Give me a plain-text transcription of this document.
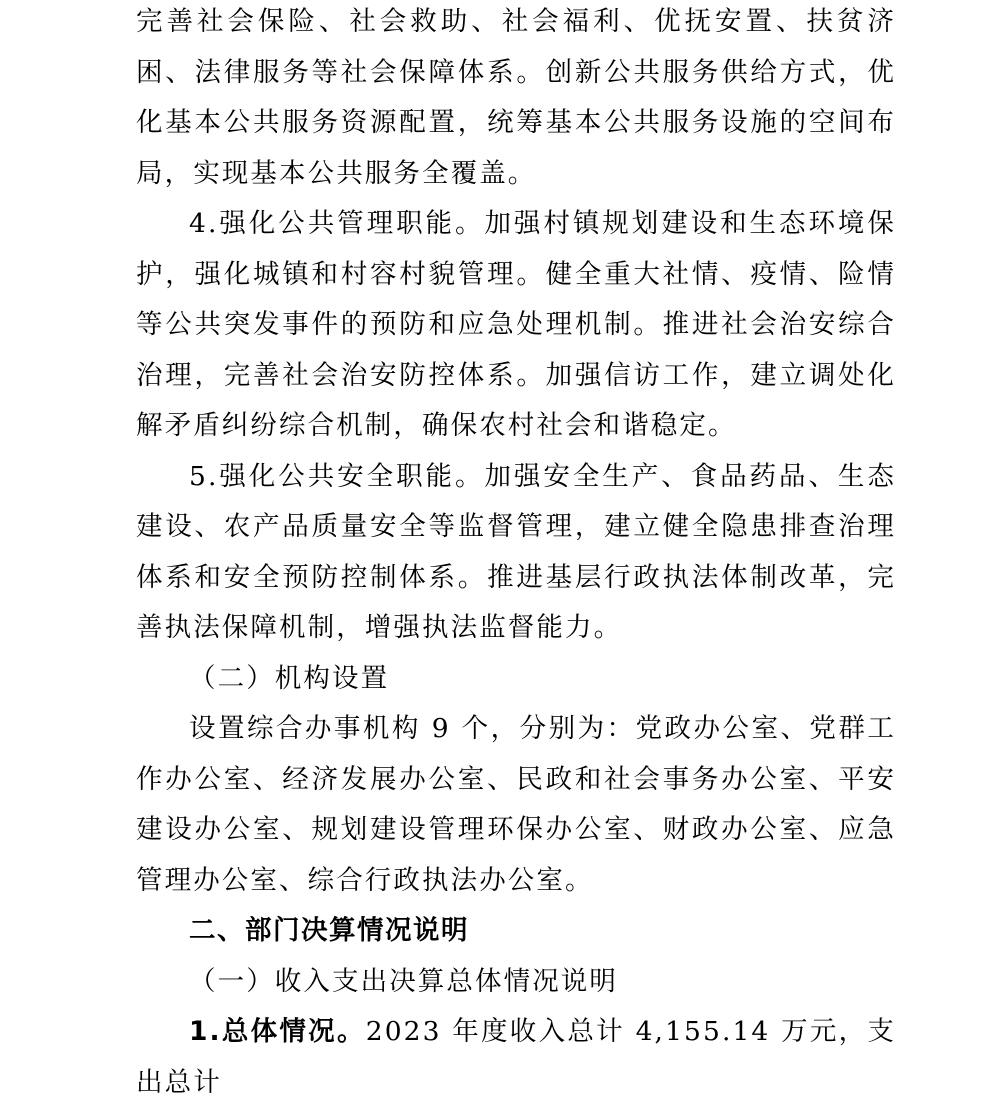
完善社会保险、社会救助、社会福利、优抚安置、扶贫济困、法律服务等社会保障体系。创新公共服务供给方式，优化基本公共服务资源配置，统筹基本公共服务设施的空间布局，实现基本公共服务全覆盖。

4.强化公共管理职能。加强村镇规划建设和生态环境保护，强化城镇和村容村貌管理。健全重大社情、疫情、险情等公共突发事件的预防和应急处理机制。推进社会治安综合治理，完善社会治安防控体系。加强信访工作，建立调处化解矛盾纠纷综合机制，确保农村社会和谐稳定。

5.强化公共安全职能。加强安全生产、食品药品、生态建设、农产品质量安全等监督管理，建立健全隐患排查治理体系和安全预防控制体系。推进基层行政执法体制改革，完善执法保障机制，增强执法监督能力。

（二）机构设置

设置综合办事机构 9 个，分别为：党政办公室、党群工作办公室、经济发展办公室、民政和社会事务办公室、平安建设办公室、规划建设管理环保办公室、财政办公室、应急管理办公室、综合行政执法办公室。

二、部门决算情况说明

（一）收入支出决算总体情况说明

1.总体情况。2023 年度收入总计 4,155.14 万元，支出总计
